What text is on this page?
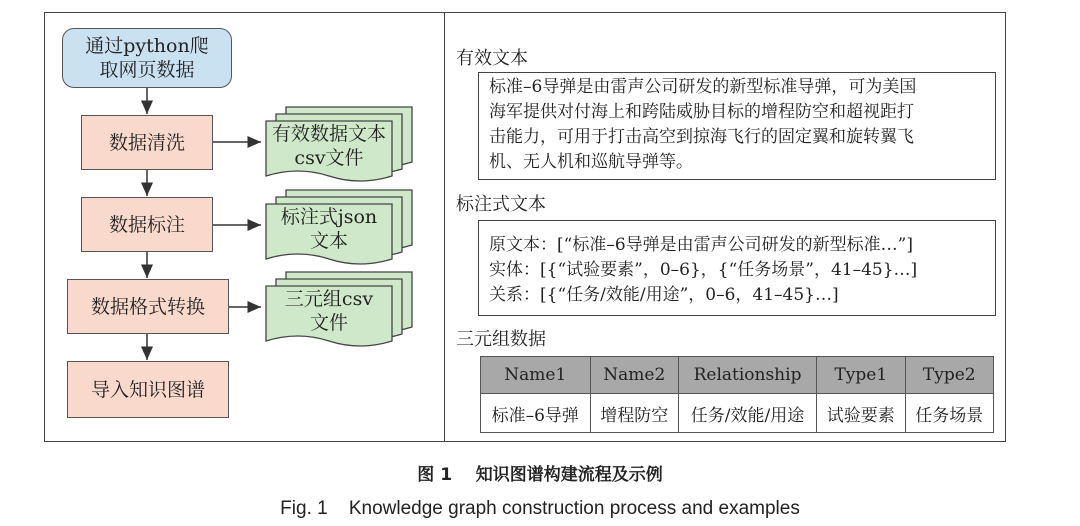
通过python爬取网页数据
数据清洗
数据标注
数据格式转换
导入知识图谱
有效数据文本
csv文件
标注式json
文本
三元组csv
文件
有效文本
标准–6导弹是由雷声公司研发的新型标准导弹，可为美国
海军提供对付海上和跨陆威胁目标的增程防空和超视距打
击能力，可用于打击高空到掠海飞行的固定翼和旋转翼飞
机、无人机和巡航导弹等。
标注式文本
原文本：[“标准–6导弹是由雷声公司研发的新型标准…”]
实体：[{“试验要素”，0–6}，{“任务场景”，41–45}…]
关系：[{“任务/效能/用途”，0–6，41–45}…]
三元组数据
Name1	Name2	Relationship	Type1	Type2
标准–6导弹	增程防空	任务/效能/用途	试验要素	任务场景
图 1 知识图谱构建流程及示例
Fig. 1 Knowledge graph construction process and examples
